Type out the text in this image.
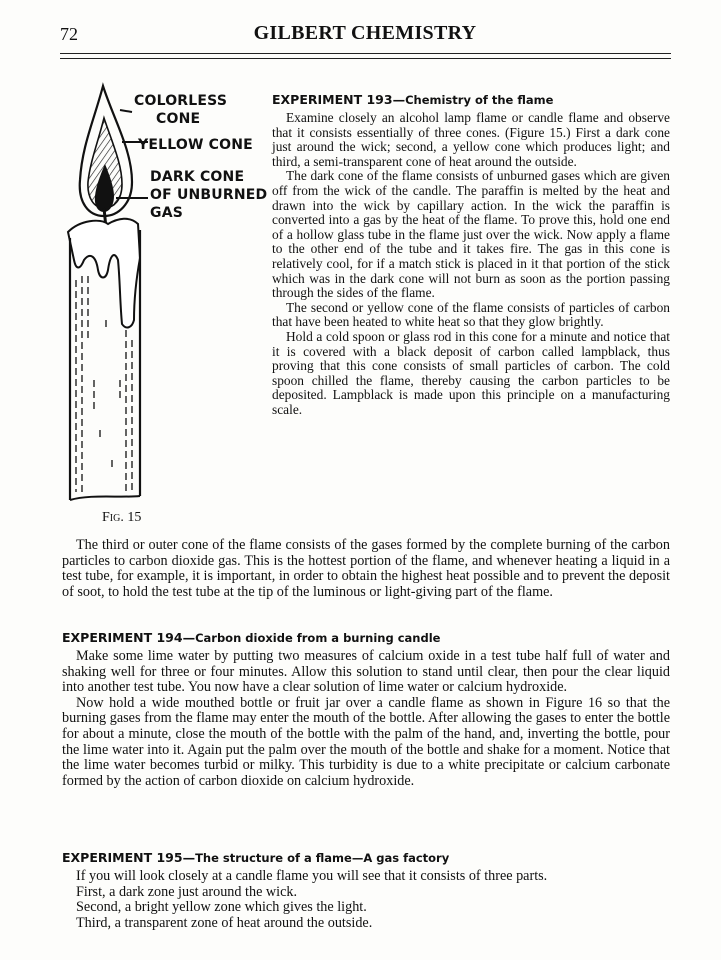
72	GILBERT CHEMISTRY
COLORLESS
CONE
YELLOW CONE
DARK CONE
OF UNBURNED
GAS
Fig. 15
EXPERIMENT 193—Chemistry of the flame

Examine closely an alcohol lamp flame or candle flame and observe that it consists essentially of three cones. (Figure 15.) First a dark cone just around the wick; second, a yellow cone which produces light; and third, a semi-transparent cone of heat around the outside.

The dark cone of the flame consists of unburned gases which are given off from the wick of the candle. The paraffin is melted by the heat and drawn into the wick by capillary action. In the wick the paraffin is converted into a gas by the heat of the flame. To prove this, hold one end of a hollow glass tube in the flame just over the wick. Now apply a flame to the other end of the tube and it takes fire. The gas in this cone is relatively cool, for if a match stick is placed in it that portion of the stick which was in the dark cone will not burn as soon as the portion passing through the sides of the flame.

The second or yellow cone of the flame consists of particles of carbon that have been heated to white heat so that they glow brightly.

Hold a cold spoon or glass rod in this cone for a minute and notice that it is covered with a black deposit of carbon called lampblack, thus proving that this cone consists of small particles of carbon. The cold spoon chilled the flame, thereby causing the carbon particles to be deposited. Lampblack is made upon this principle on a manufacturing scale.

The third or outer cone of the flame consists of the gases formed by the complete burning of the carbon particles to carbon dioxide gas. This is the hottest portion of the flame, and whenever heating a liquid in a test tube, for example, it is important, in order to obtain the highest heat possible and to prevent the deposit of soot, to hold the test tube at the tip of the luminous or light-giving part of the flame.

EXPERIMENT 194—Carbon dioxide from a burning candle

Make some lime water by putting two measures of calcium oxide in a test tube half full of water and shaking well for three or four minutes. Allow this solution to stand until clear, then pour the clear liquid into another test tube. You now have a clear solution of lime water or calcium hydroxide.

Now hold a wide mouthed bottle or fruit jar over a candle flame as shown in Figure 16 so that the burning gases from the flame may enter the mouth of the bottle. After allowing the gases to enter the bottle for about a minute, close the mouth of the bottle with the palm of the hand, and, inverting the bottle, pour the lime water into it. Again put the palm over the mouth of the bottle and shake for a moment. Notice that the lime water becomes turbid or milky. This turbidity is due to a white precipitate or calcium carbonate formed by the action of carbon dioxide on calcium hydroxide.

EXPERIMENT 195—The structure of a flame—A gas factory

If you will look closely at a candle flame you will see that it consists of three parts.

First, a dark zone just around the wick.

Second, a bright yellow zone which gives the light.

Third, a transparent zone of heat around the outside.
